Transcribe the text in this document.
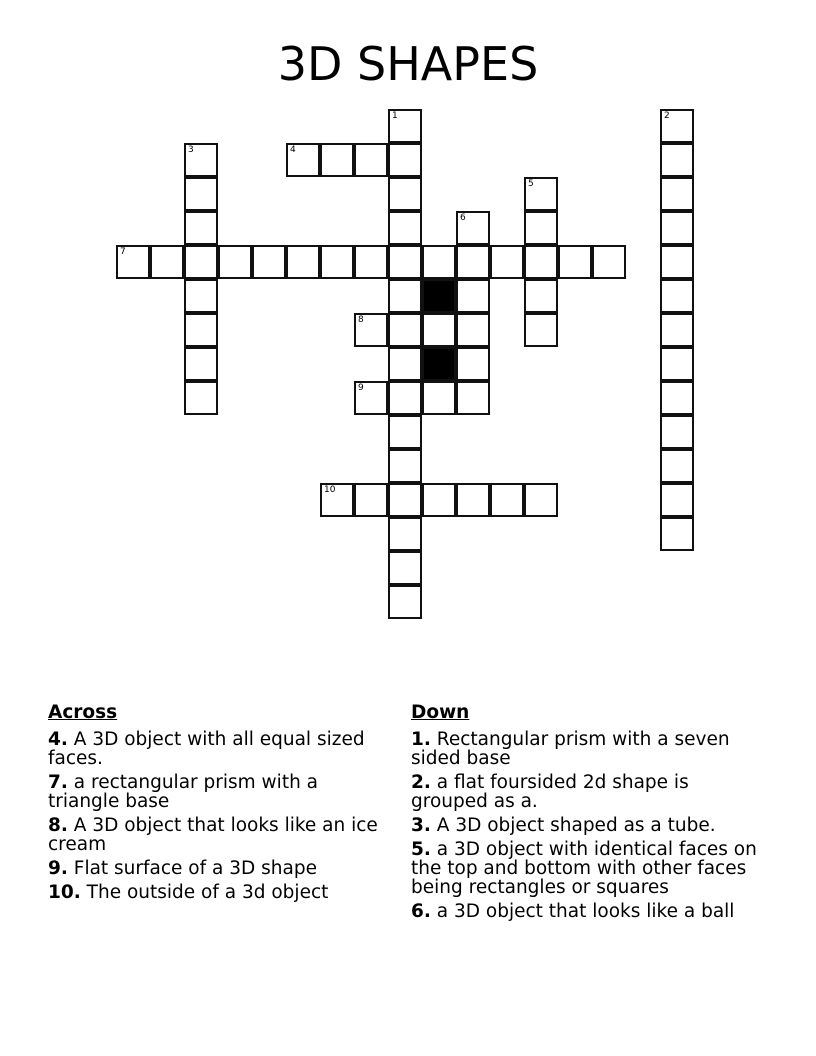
3D SHAPES
1	2
3	4
5
6
7
8
9
10
Across
4. A 3D object with all equal sized faces.
7. a rectangular prism with a triangle base
8. A 3D object that looks like an ice cream
9. Flat surface of a 3D shape
10. The outside of a 3d object
Down
1. Rectangular prism with a seven sided base
2. a flat foursided 2d shape is grouped as a.
3. A 3D object shaped as a tube.
5. a 3D object with identical faces on the top and bottom with other faces being rectangles or squares
6. a 3D object that looks like a ball
